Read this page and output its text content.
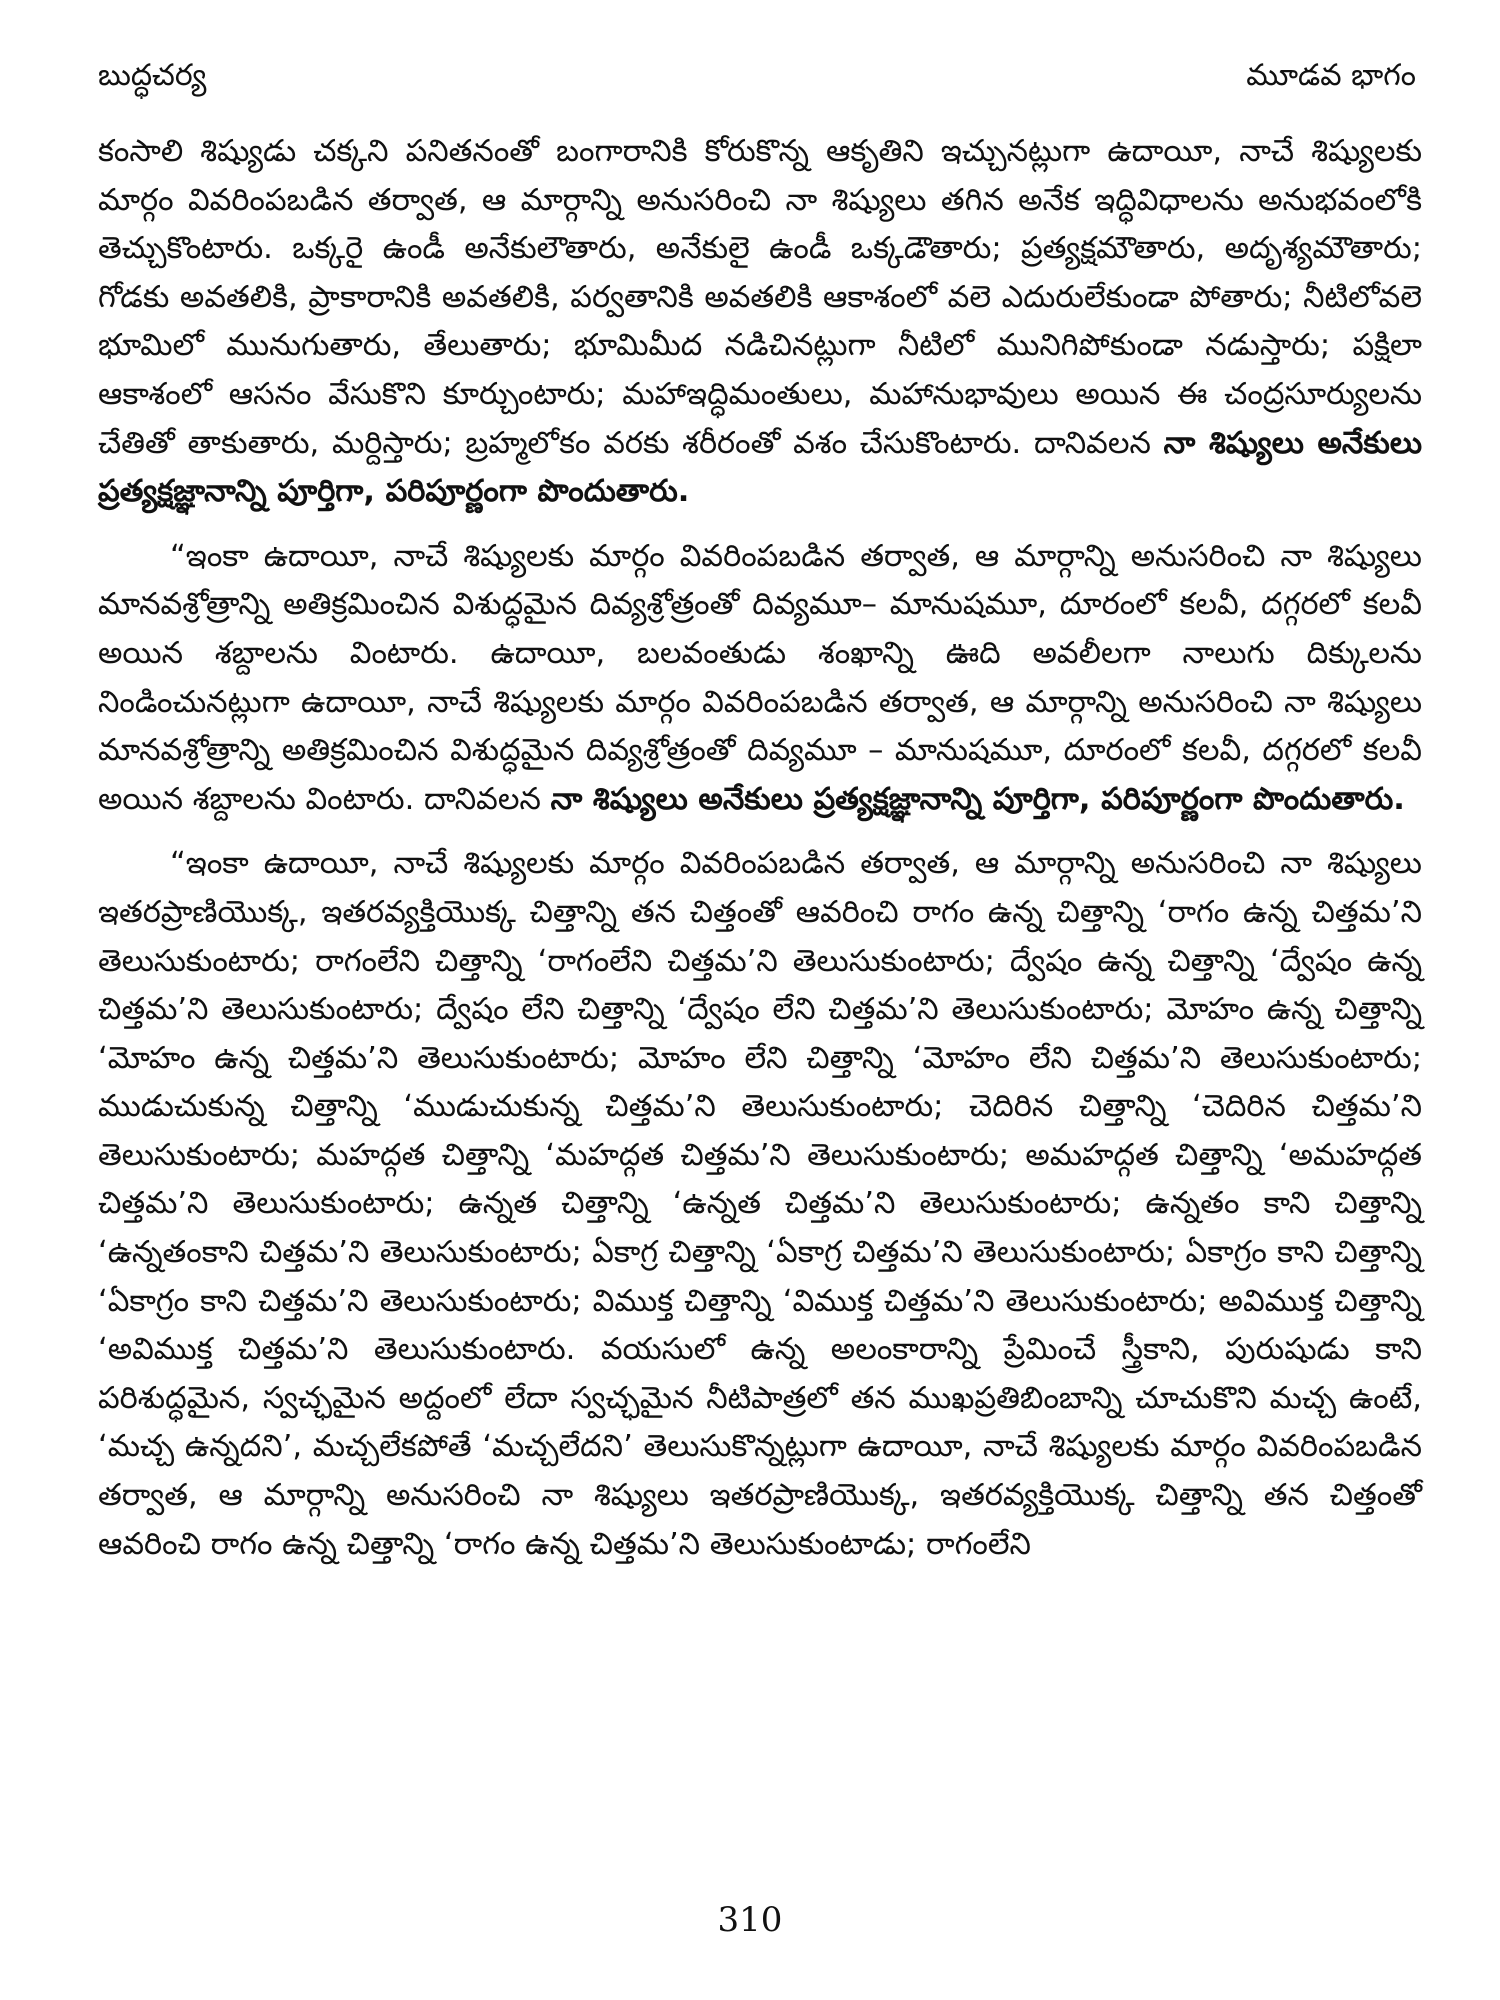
బుద్ధచర్య	మూడవ భాగం

కంసాలి శిష్యుడు చక్కని పనితనంతో బంగారానికి కోరుకొన్న ఆకృతిని ఇచ్చునట్లుగా ఉదాయీ, నాచే శిష్యులకు మార్గం వివరింపబడిన తర్వాత, ఆ మార్గాన్ని అనుసరించి నా శిష్యులు తగిన అనేక ఇద్ధివిధాలను అనుభవంలోకి తెచ్చుకొంటారు. ఒక్కరై ఉండీ అనేకులౌతారు, అనేకులై ఉండీ ఒక్కడౌతారు; ప్రత్యక్షమౌతారు, అదృశ్యమౌతారు; గోడకు అవతలికి, ప్రాకారానికి అవతలికి, పర్వతానికి అవతలికి ఆకాశంలో వలె ఎదురులేకుండా పోతారు; నీటిలోవలె భూమిలో మునుగుతారు, తేలుతారు; భూమిమీద నడిచినట్లుగా నీటిలో మునిగిపోకుండా నడుస్తారు; పక్షిలా ఆకాశంలో ఆసనం వేసుకొని కూర్చుంటారు; మహాఇద్ధిమంతులు, మహానుభావులు అయిన ఈ చంద్రసూర్యులను చేతితో తాకుతారు, మర్దిస్తారు; బ్రహ్మలోకం వరకు శరీరంతో వశం చేసుకొంటారు. దానివలన నా శిష్యులు అనేకులు ప్రత్యక్షజ్ఞానాన్ని పూర్తిగా, పరిపూర్ణంగా పొందుతారు.

“ఇంకా ఉదాయీ, నాచే శిష్యులకు మార్గం వివరింపబడిన తర్వాత, ఆ మార్గాన్ని అనుసరించి నా శిష్యులు మానవశ్రోత్రాన్ని అతిక్రమించిన విశుద్ధమైన దివ్యశ్రోత్రంతో దివ్యమూ– మానుషమూ, దూరంలో కలవీ, దగ్గరలో కలవీ అయిన శబ్దాలను వింటారు. ఉదాయీ, బలవంతుడు శంఖాన్ని ఊది అవలీలగా నాలుగు దిక్కులను నిండించునట్లుగా ఉదాయీ, నాచే శిష్యులకు మార్గం వివరింపబడిన తర్వాత, ఆ మార్గాన్ని అనుసరించి నా శిష్యులు మానవశ్రోత్రాన్ని అతిక్రమించిన విశుద్ధమైన దివ్యశ్రోత్రంతో దివ్యమూ – మానుషమూ, దూరంలో కలవీ, దగ్గరలో కలవీ అయిన శబ్దాలను వింటారు. దానివలన నా శిష్యులు అనేకులు ప్రత్యక్షజ్ఞానాన్ని పూర్తిగా, పరిపూర్ణంగా పొందుతారు.

“ఇంకా ఉదాయీ, నాచే శిష్యులకు మార్గం వివరింపబడిన తర్వాత, ఆ మార్గాన్ని అనుసరించి నా శిష్యులు ఇతరప్రాణియొక్క, ఇతరవ్యక్తియొక్క చిత్తాన్ని తన చిత్తంతో ఆవరించి రాగం ఉన్న చిత్తాన్ని ‘రాగం ఉన్న చిత్తమ’ని తెలుసుకుంటారు; రాగంలేని చిత్తాన్ని ‘రాగంలేని చిత్తమ’ని తెలుసుకుంటారు; ద్వేషం ఉన్న చిత్తాన్ని ‘ద్వేషం ఉన్న చిత్తమ’ని తెలుసుకుంటారు; ద్వేషం లేని చిత్తాన్ని ‘ద్వేషం లేని చిత్తమ’ని తెలుసుకుంటారు; మోహం ఉన్న చిత్తాన్ని ‘మోహం ఉన్న చిత్తమ’ని తెలుసుకుంటారు; మోహం లేని చిత్తాన్ని ‘మోహం లేని చిత్తమ’ని తెలుసుకుంటారు; ముడుచుకున్న చిత్తాన్ని ‘ముడుచుకున్న చిత్తమ’ని తెలుసుకుంటారు; చెదిరిన చిత్తాన్ని ‘చెదిరిన చిత్తమ’ని తెలుసుకుంటారు; మహద్గత చిత్తాన్ని ‘మహద్గత చిత్తమ’ని తెలుసుకుంటారు; అమహద్గత చిత్తాన్ని ‘అమహద్గత చిత్తమ’ని తెలుసుకుంటారు; ఉన్నత చిత్తాన్ని ‘ఉన్నత చిత్తమ’ని తెలుసుకుంటారు; ఉన్నతం కాని చిత్తాన్ని ‘ఉన్నతంకాని చిత్తమ’ని తెలుసుకుంటారు; ఏకాగ్ర చిత్తాన్ని ‘ఏకాగ్ర చిత్తమ’ని తెలుసుకుంటారు; ఏకాగ్రం కాని చిత్తాన్ని ‘ఏకాగ్రం కాని చిత్తమ’ని తెలుసుకుంటారు; విముక్త చిత్తాన్ని ‘విముక్త చిత్తమ’ని తెలుసుకుంటారు; అవిముక్త చిత్తాన్ని ‘అవిముక్త చిత్తమ’ని తెలుసుకుంటారు. వయసులో ఉన్న అలంకారాన్ని ప్రేమించే స్త్రీకాని, పురుషుడు కాని పరిశుద్ధమైన, స్వచ్ఛమైన అద్దంలో లేదా స్వచ్ఛమైన నీటిపాత్రలో తన ముఖప్రతిబింబాన్ని చూచుకొని మచ్చ ఉంటే, ‘మచ్చ ఉన్నదని’, మచ్చలేకపోతే ‘మచ్చలేదని’ తెలుసుకొన్నట్లుగా ఉదాయీ, నాచే శిష్యులకు మార్గం వివరింపబడిన తర్వాత, ఆ మార్గాన్ని అనుసరించి నా శిష్యులు ఇతరప్రాణియొక్క, ఇతరవ్యక్తియొక్క చిత్తాన్ని తన చిత్తంతో ఆవరించి రాగం ఉన్న చిత్తాన్ని ‘రాగం ఉన్న చిత్తమ’ని తెలుసుకుంటాడు; రాగంలేని

310
